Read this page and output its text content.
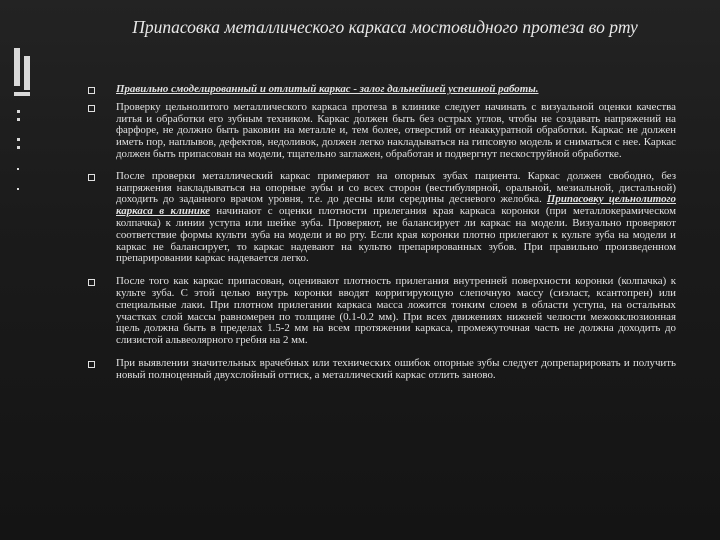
Припасовка металлического каркаса мостовидного протеза во рту
Правильно смоделированный и отлитый каркас - залог дальнейшей успешной работы.
Проверку цельнолитого металлического каркаса протеза в клинике следует начинать с визуальной оценки качества литья и обработки его зубным техником. Каркас должен быть без острых углов, чтобы не создавать напряжений на фарфоре, не должно быть раковин на металле и, тем более, отверстий от неаккуратной обработки. Каркас не должен иметь пор, наплывов, дефектов, недоливок, должен легко накладываться на гипсовую модель и сниматься с нее. Каркас должен быть припасован на модели, тщательно заглажен, обработан и подвергнут пескоструйной обработке.
После проверки металлический каркас примеряют на опорных зубах пациента. Каркас должен свободно, без напряжения накладываться на опорные зубы и со всех сторон (вестибулярной, оральной, мезиальной, дистальной) доходить до заданного врачом уровня, т.е. до десны или середины десневого желобка. Припасовку цельнолитого каркаса в клинике начинают с оценки плотности прилегания края каркаса коронки (при металлокерамическом колпачка) к линии уступа или шейке зуба. Проверяют, не балансирует ли каркас на модели. Визуально проверяют соответствие формы культи зуба на модели и во рту. Если края коронки плотно прилегают к культе зуба на модели и каркас не балансирует, то каркас надевают на культю препарированных зубов. При правильно произведенном препарировании каркас надевается легко.
После того как каркас припасован, оценивают плотность прилегания внутренней поверхности коронки (колпачка) к культе зуба. С этой целью внутрь коронки вводят корригирующую слепочную массу (сиэласт, ксантопрен) или специальные лаки. При плотном прилегании каркаса масса ложится тонким слоем в области уступа, на остальных участках слой массы равномерен по толщине (0.1-0.2 мм). При всех движениях нижней челюсти межокклюзионная щель должна быть в пределах 1.5-2 мм на всем протяжении каркаса, промежуточная часть не должна доходить до слизистой альвеолярного гребня на 2 мм.
При выявлении значительных врачебных или технических ошибок опорные зубы следует допрепарировать и получить новый полноценный двухслойный оттиск, а металлический каркас отлить заново.
